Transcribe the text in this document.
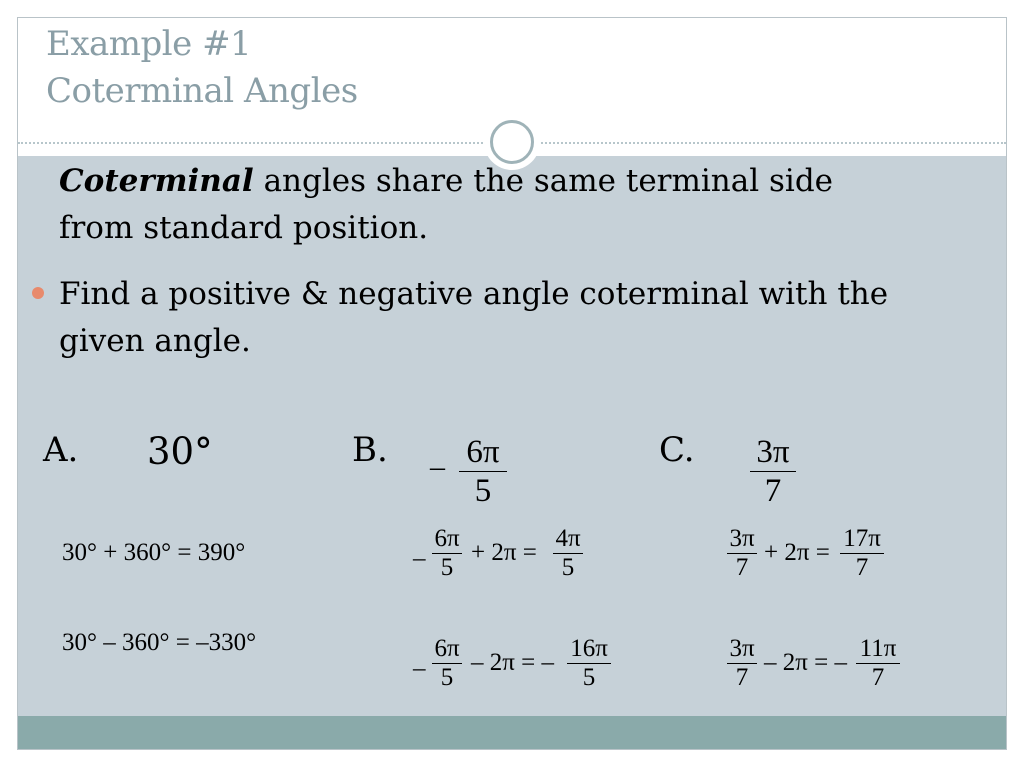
Example #1
Coterminal Angles
Coterminal angles share the same terminal side
from standard position.
Find a positive & negative angle coterminal with the
given angle.
A. 30°
30° + 360° = 390°
30° – 360° = –330°
B. – 6π
5
–
6π
5
+ 2π =
4π
5
–
6π
5
– 2π = –
16π
5
C. 3π
7
3π
7
+ 2π =
17π
7
3π
7
– 2π = –
11π
7
